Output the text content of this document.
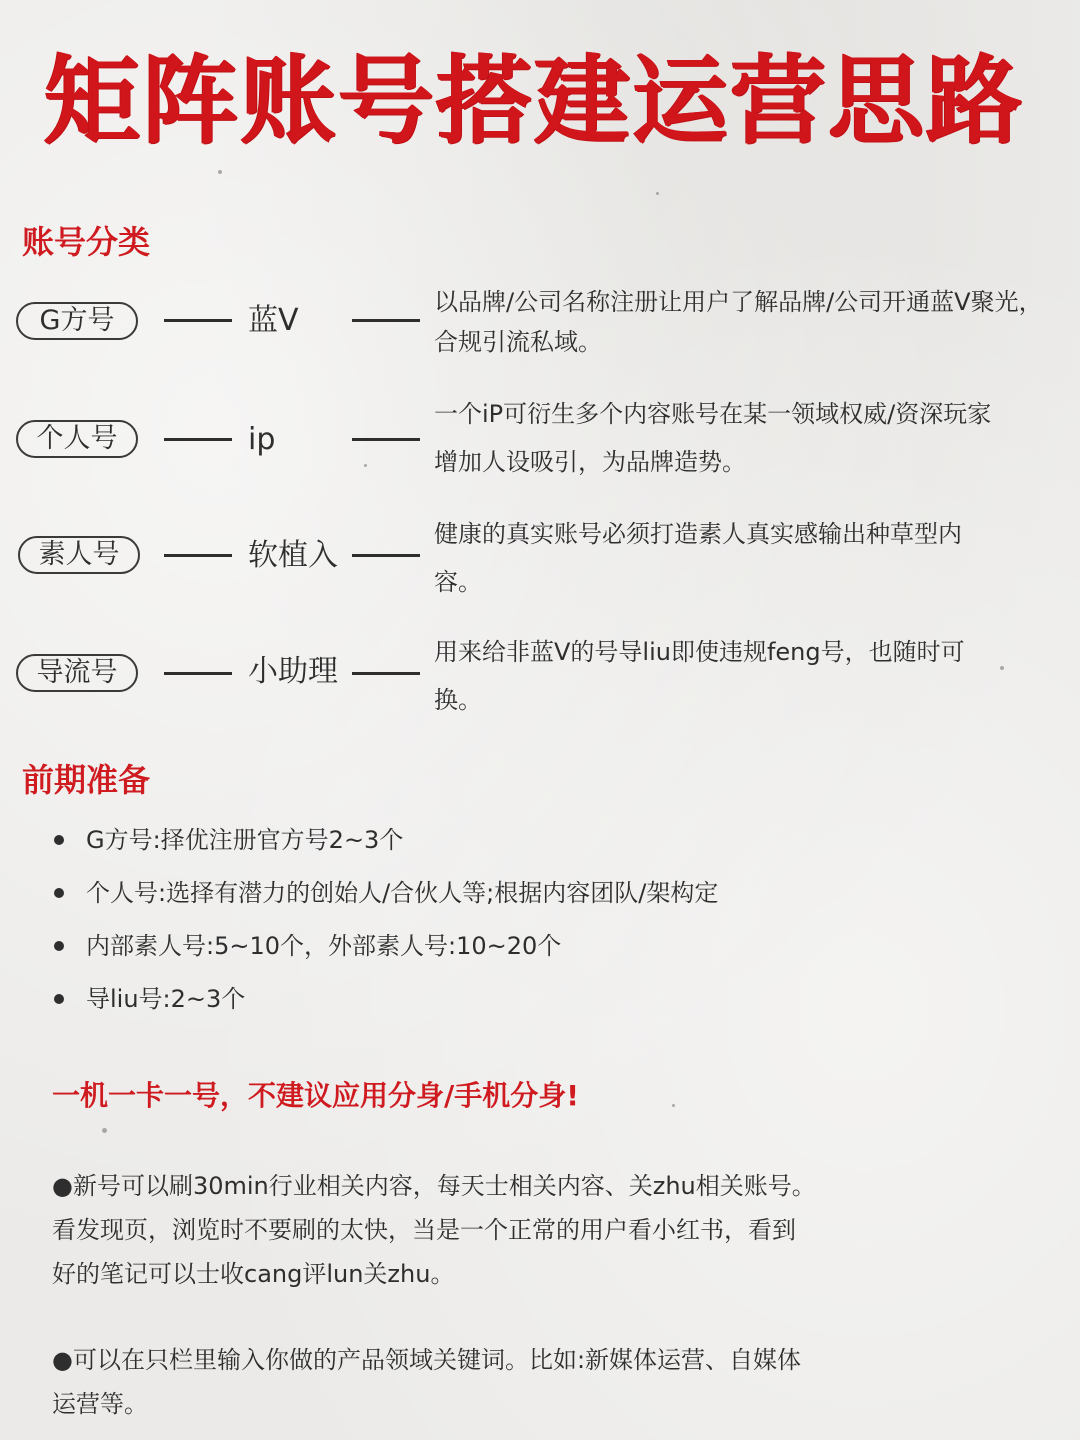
矩阵账号搭建运营思路
账号分类
G方号	蓝V

以品牌/公司名称注册让用户了解品牌/公司开通蓝V聚光，
合规引流私域。

个人号	ip

一个iP可衍生多个内容账号在某一领域权威/资深玩家
增加人设吸引，为品牌造势。

素人号	软植入

健康的真实账号必须打造素人真实感输出种草型内
容。

导流号	小助理

用来给非蓝V的号导liu即使违规feng号，也随时可
换。

前期准备
G方号:择优注册官方号2~3个
个人号:选择有潜力的创始人/合伙人等;根据内容团队/架构定
内部素人号:5~10个，外部素人号:10~20个
导liu号:2~3个

一机一卡一号，不建议应用分身/手机分身!

●新号可以刷30min行业相关内容，每天士相关内容、关zhu相关账号。
看发现页，浏览时不要刷的太快，当是一个正常的用户看小红书，看到
好的笔记可以士收cang评lun关zhu。

●可以在只栏里输入你做的产品领域关键词。比如:新媒体运营、自媒体
运营等。
